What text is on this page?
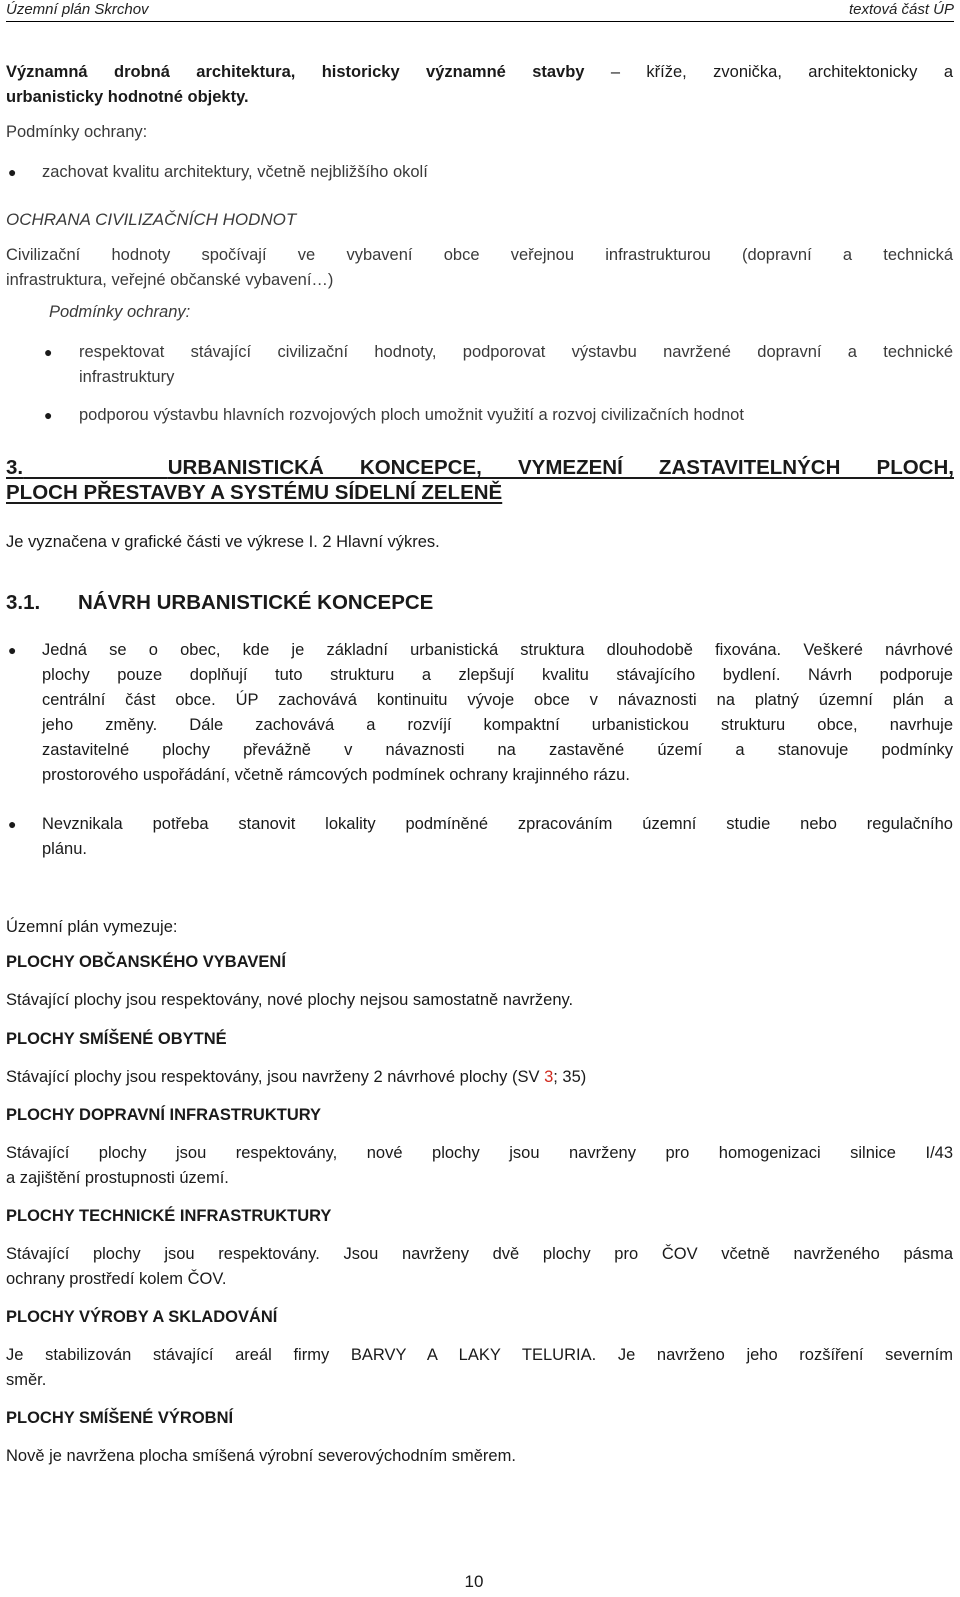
Územní plán Skrchov	textová část ÚP
Významná drobná architektura, historicky významné stavby – kříže, zvonička, architektonicky a
urbanisticky hodnotné objekty.
Podmínky ochrany:
● zachovat kvalitu architektury, včetně nejbližšího okolí
OCHRANA CIVILIZAČNÍCH HODNOT
Civilizační hodnoty spočívají ve vybavení obce veřejnou infrastrukturou (dopravní a technická
infrastruktura, veřejné občanské vybavení…)
Podmínky ochrany:
● respektovat stávající civilizační hodnoty, podporovat výstavbu navržené dopravní a technické
infrastruktury
● podporou výstavbu hlavních rozvojových ploch umožnit využití a rozvoj civilizačních hodnot
3.	URBANISTICKÁ KONCEPCE, VYMEZENÍ ZASTAVITELNÝCH PLOCH,
PLOCH PŘESTAVBY A SYSTÉMU SÍDELNÍ ZELENĚ
Je vyznačena v grafické části ve výkrese I. 2 Hlavní výkres.
3.1. NÁVRH URBANISTICKÉ KONCEPCE
● Jedná se o obec, kde je základní urbanistická struktura dlouhodobě fixována. Veškeré návrhové
plochy pouze doplňují tuto strukturu a zlepšují kvalitu stávajícího bydlení. Návrh podporuje
centrální část obce. ÚP zachovává kontinuitu vývoje obce v návaznosti na platný územní plán a
jeho změny. Dále zachovává a rozvíjí kompaktní urbanistickou strukturu obce, navrhuje
zastavitelné plochy převážně v návaznosti na zastavěné území a stanovuje podmínky
prostorového uspořádání, včetně rámcových podmínek ochrany krajinného rázu.
● Nevznikala potřeba stanovit lokality podmíněné zpracováním územní studie nebo regulačního
plánu.
Územní plán vymezuje:
PLOCHY OBČANSKÉHO VYBAVENÍ
Stávající plochy jsou respektovány, nové plochy nejsou samostatně navrženy.
PLOCHY SMÍŠENÉ OBYTNÉ
Stávající plochy jsou respektovány, jsou navrženy 2 návrhové plochy (SV 3; 35)
PLOCHY DOPRAVNÍ INFRASTRUKTURY
Stávající plochy jsou respektovány, nové plochy jsou navrženy pro homogenizaci silnice I/43
a zajištění prostupnosti území.
PLOCHY TECHNICKÉ INFRASTRUKTURY
Stávající plochy jsou respektovány. Jsou navrženy dvě plochy pro ČOV včetně navrženého pásma
ochrany prostředí kolem ČOV.
PLOCHY VÝROBY A SKLADOVÁNÍ
Je stabilizován stávající areál firmy BARVY A LAKY TELURIA. Je navrženo jeho rozšíření severním
směr.
PLOCHY SMÍŠENÉ VÝROBNÍ
Nově je navržena plocha smíšená výrobní severovýchodním směrem.
10
